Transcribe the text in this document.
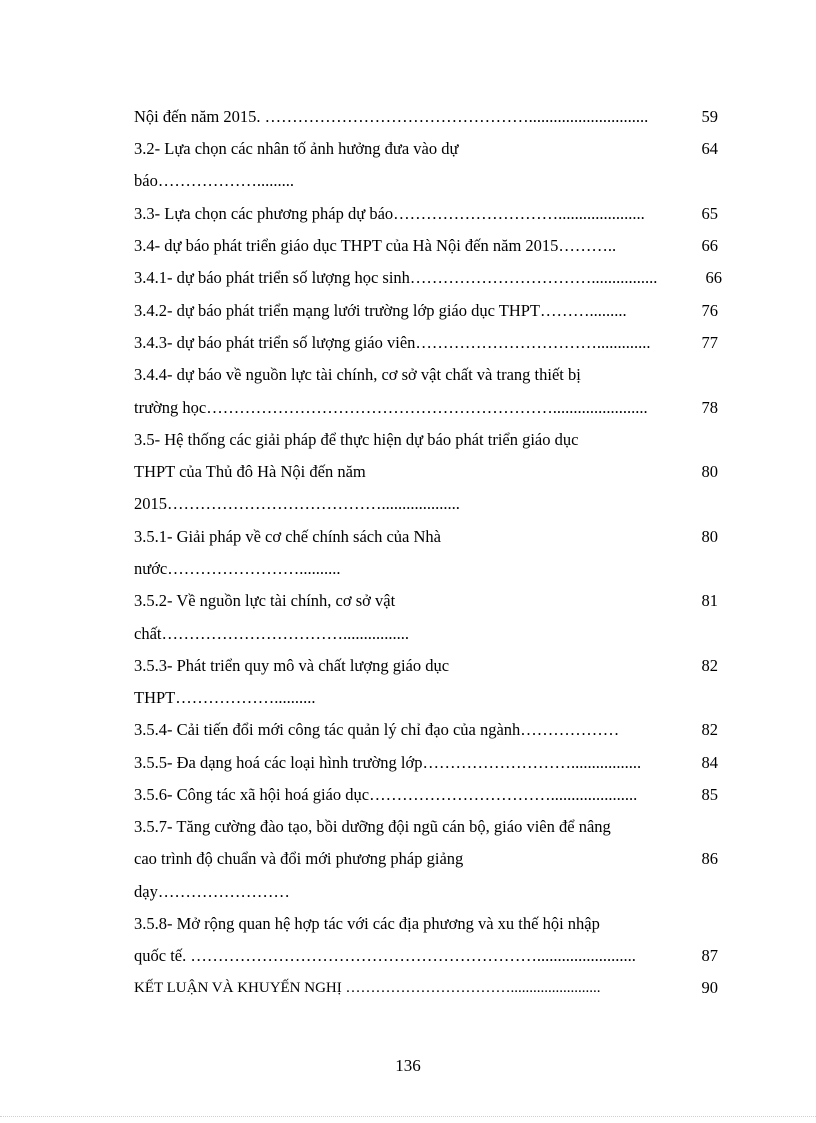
Nội đến năm 2015. ………………………………………….............................	59
3.2- Lựa chọn các nhân tố ảnh hưởng đưa vào dự	64
báo……………….........
3.3- Lựa chọn các phương pháp dự báo………………………….....................	65
3.4- dự báo phát triển giáo dục THPT của Hà Nội đến năm 2015………..	66
3.4.1- dự báo phát triển số lượng học sinh……………………………................	66
3.4.2- dự báo phát triển mạng lưới trường lớp giáo dục THPT……….........	76
3.4.3- dự báo phát triển số lượng giáo viên…………………………….............	77
3.4.4- dự báo về nguồn lực tài chính, cơ sở vật chất và trang thiết bị
trường học……………………………………………………….......................	78
3.5- Hệ thống các giải pháp để thực hiện dự báo phát triển giáo dục
THPT của Thủ đô Hà Nội đến năm	80
2015…………………………………...................
3.5.1- Giải pháp về cơ chế chính sách của Nhà	80
nước……………………..........
3.5.2- Về nguồn lực tài chính, cơ sở vật	81
chất……………………………................
3.5.3- Phát triển quy mô và chất lượng giáo dục	82
THPT………………..........
3.5.4- Cải tiến đổi mới công tác quản lý chỉ đạo của ngành………………	82
3.5.5- Đa dạng hoá các loại hình trường lớp……………………….................	84
3.5.6- Công tác xã hội hoá giáo dục…………………………….....................	85
3.5.7- Tăng cường đào tạo, bồi dưỡng đội ngũ cán bộ, giáo viên để nâng
cao trình độ chuẩn và đổi mới phương pháp giảng	86
dạy……………………
3.5.8- Mở rộng quan hệ hợp tác với các địa phương và xu thế hội nhập
quốc tế. ………………………………………………………........................	87
KẾT LUẬN VÀ KHUYẾN NGHỊ ……………………………........................	90
136
